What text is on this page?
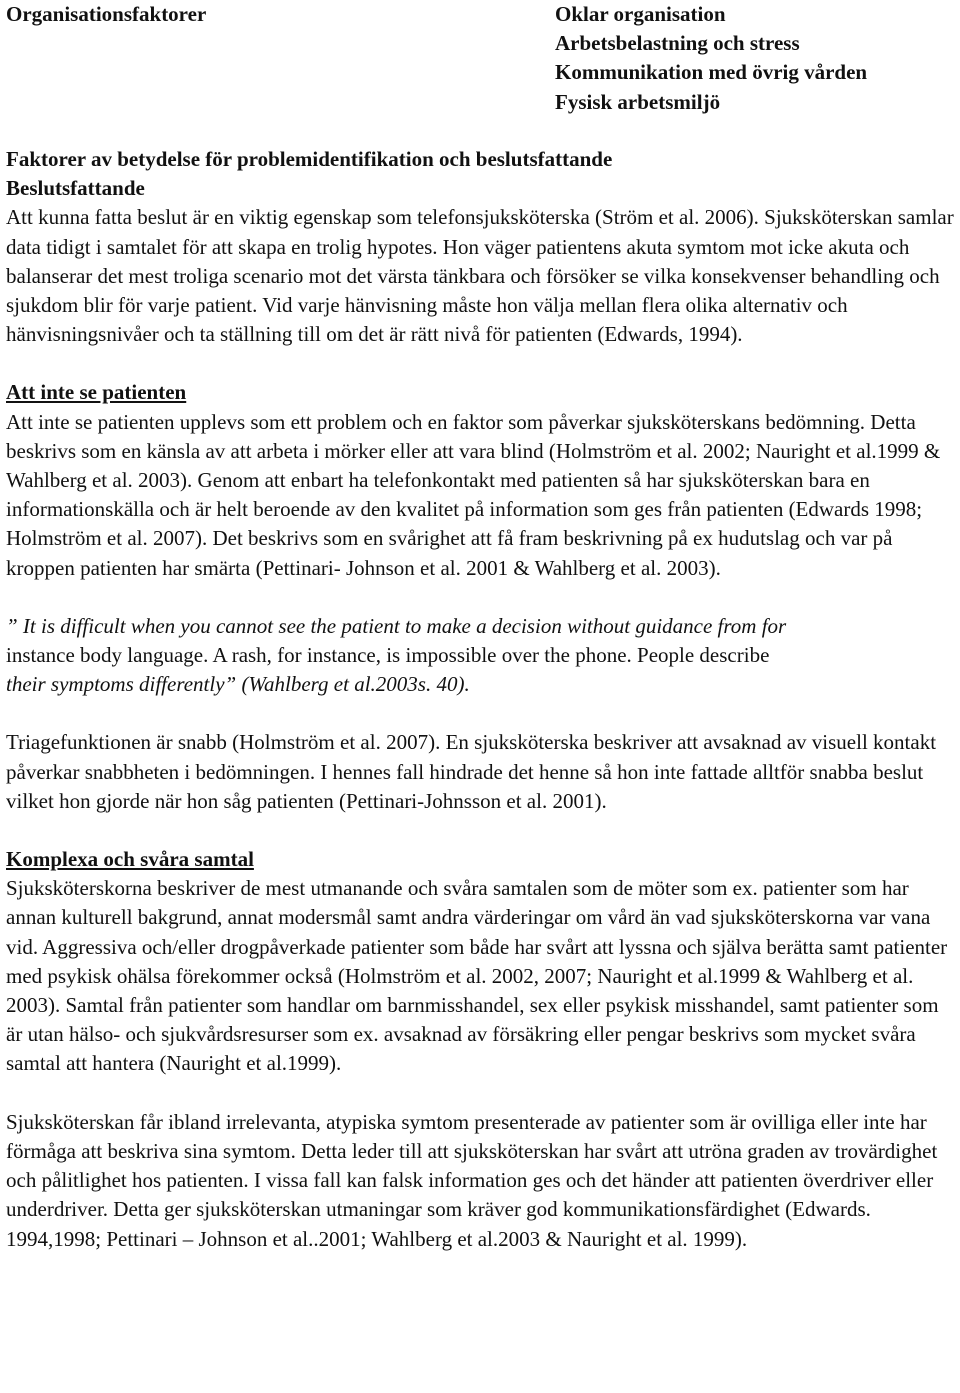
Organisationsfaktorer	Oklar organisation
Arbetsbelastning och stress
Kommunikation med övrig vården
Fysisk arbetsmiljö
Faktorer av betydelse för problemidentifikation och beslutsfattande
Beslutsfattande

Att kunna fatta beslut är en viktig egenskap som telefonsjuksköterska (Ström et al. 2006). Sjuksköterskan samlar data tidigt i samtalet för att skapa en trolig hypotes. Hon väger patientens akuta symtom mot icke akuta och balanserar det mest troliga scenario mot det värsta tänkbara och försöker se vilka konsekvenser behandling och sjukdom blir för varje patient. Vid varje hänvisning måste hon välja mellan flera olika alternativ och hänvisningsnivåer och ta ställning till om det är rätt nivå för patienten (Edwards, 1994).

Att inte se patienten

Att inte se patienten upplevs som ett problem och en faktor som påverkar sjuksköterskans bedömning. Detta beskrivs som en känsla av att arbeta i mörker eller att vara blind (Holmström et al. 2002; Nauright et al.1999 & Wahlberg et al. 2003). Genom att enbart ha telefonkontakt med patienten så har sjuksköterskan bara en informationskälla och är helt beroende av den kvalitet på information som ges från patienten (Edwards 1998; Holmström et al. 2007). Det beskrivs som en svårighet att få fram beskrivning på ex hudutslag och var på kroppen patienten har smärta (Pettinari- Johnson et al. 2001 & Wahlberg et al. 2003).

” It is difficult when you cannot see the patient to make a decision without guidance from for
instance body language. A rash, for instance, is impossible over the phone. People describe
their symptoms differently” (Wahlberg et al.2003s. 40).

Triagefunktionen är snabb (Holmström et al. 2007). En sjuksköterska beskriver att avsaknad av visuell kontakt påverkar snabbheten i bedömningen. I hennes fall hindrade det henne så hon inte fattade alltför snabba beslut vilket hon gjorde när hon såg patienten (Pettinari-Johnsson et al. 2001).

Komplexa och svåra samtal

Sjuksköterskorna beskriver de mest utmanande och svåra samtalen som de möter som ex. patienter som har annan kulturell bakgrund, annat modersmål samt andra värderingar om vård än vad sjuksköterskorna var vana vid. Aggressiva och/eller drogpåverkade patienter som både har svårt att lyssna och själva berätta samt patienter med psykisk ohälsa förekommer också (Holmström et al. 2002, 2007; Nauright et al.1999 & Wahlberg et al. 2003). Samtal från patienter som handlar om barnmisshandel, sex eller psykisk misshandel, samt patienter som är utan hälso- och sjukvårdsresurser som ex. avsaknad av försäkring eller pengar beskrivs som mycket svåra samtal att hantera (Nauright et al.1999).

Sjuksköterskan får ibland irrelevanta, atypiska symtom presenterade av patienter som är ovilliga eller inte har förmåga att beskriva sina symtom. Detta leder till att sjuksköterskan har svårt att utröna graden av trovärdighet och pålitlighet hos patienten. I vissa fall kan falsk information ges och det händer att patienten överdriver eller underdriver. Detta ger sjuksköterskan utmaningar som kräver god kommunikationsfärdighet (Edwards. 1994,1998; Pettinari – Johnson et al..2001; Wahlberg et al.2003 & Nauright et al. 1999).
